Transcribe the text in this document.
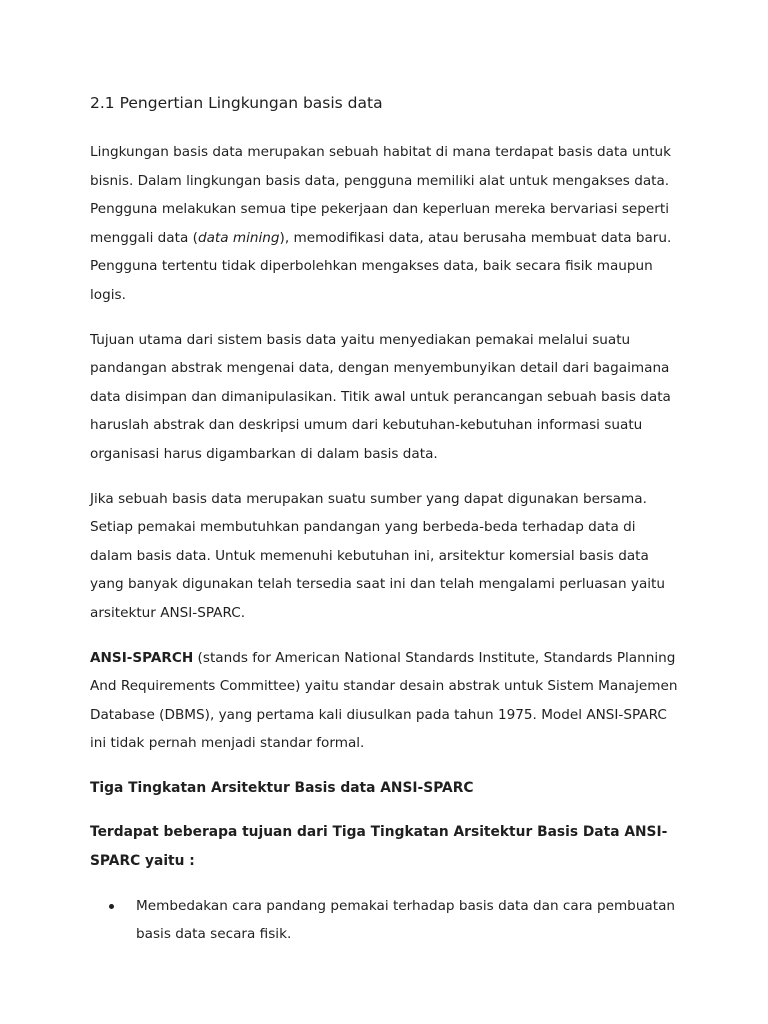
2.1 Pengertian Lingkungan basis data

Lingkungan basis data merupakan sebuah habitat di mana terdapat basis data untuk bisnis. Dalam lingkungan basis data, pengguna memiliki alat untuk mengakses data. Pengguna melakukan semua tipe pekerjaan dan keperluan mereka bervariasi seperti menggali data (data mining), memodifikasi data, atau berusaha membuat data baru. Pengguna tertentu tidak diperbolehkan mengakses data, baik secara fisik maupun logis.

Tujuan utama dari sistem basis data yaitu menyediakan pemakai melalui suatu pandangan abstrak mengenai data, dengan menyembunyikan detail dari bagaimana data disimpan dan dimanipulasikan. Titik awal untuk perancangan sebuah basis data haruslah abstrak dan deskripsi umum dari kebutuhan-kebutuhan informasi suatu organisasi harus digambarkan di dalam basis data.

Jika sebuah basis data merupakan suatu sumber yang dapat digunakan bersama. Setiap pemakai membutuhkan pandangan yang berbeda-beda terhadap data di dalam basis data. Untuk memenuhi kebutuhan ini, arsitektur komersial basis data yang banyak digunakan telah tersedia saat ini dan telah mengalami perluasan yaitu arsitektur ANSI-SPARC.

ANSI-SPARCH (stands for American National Standards Institute, Standards Planning And Requirements Committee) yaitu standar desain abstrak untuk Sistem Manajemen Database (DBMS), yang pertama kali diusulkan pada tahun 1975. Model ANSI-SPARC ini tidak pernah menjadi standar formal.

Tiga Tingkatan Arsitektur Basis data ANSI-SPARC

Terdapat beberapa tujuan dari Tiga Tingkatan Arsitektur Basis Data ANSI-SPARC yaitu :

Membedakan cara pandang pemakai terhadap basis data dan cara pembuatan basis data secara fisik.
